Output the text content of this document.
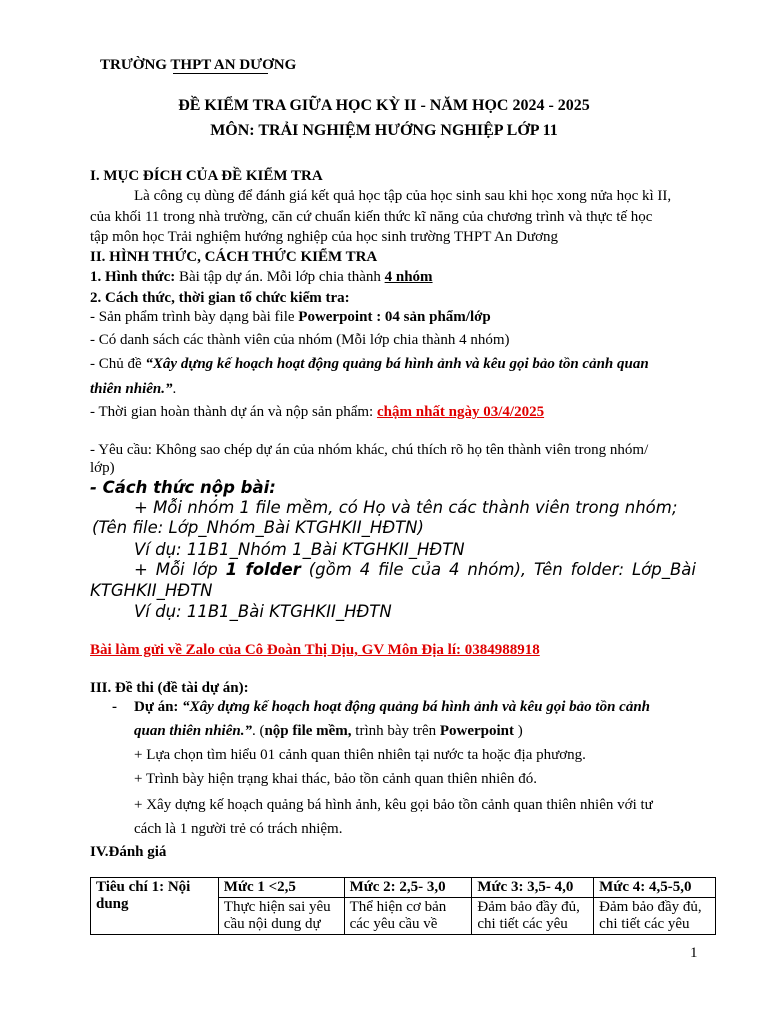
TRƯỜNG THPT AN DƯƠNG
ĐỀ KIỂM TRA GIỮA HỌC KỲ II - NĂM HỌC 2024 - 2025
MÔN: TRẢI NGHIỆM HƯỚNG NGHIỆP LỚP 11
I. MỤC ĐÍCH CỦA ĐỀ KIỂM TRA
Là công cụ dùng để đánh giá kết quả học tập của học sinh sau khi học xong nửa học kì II,
của khối 11 trong nhà trường, căn cứ chuẩn kiến thức kĩ năng của chương trình và thực tế học
tập môn học Trải nghiệm hướng nghiệp của học sinh trường THPT An Dương
II. HÌNH THỨC, CÁCH THỨC KIỂM TRA
1. Hình thức: Bài tập dự án. Mỗi lớp chia thành 4 nhóm
2. Cách thức, thời gian tổ chức kiểm tra:
- Sản phẩm trình bày dạng bài file Powerpoint : 04 sản phẩm/lớp
- Có danh sách các thành viên của nhóm (Mỗi lớp chia thành 4 nhóm)
- Chủ đề “Xây dựng kế hoạch hoạt động quảng bá hình ảnh và kêu gọi bảo tồn cảnh quan
thiên nhiên.”.
- Thời gian hoàn thành dự án và nộp sản phẩm: chậm nhất ngày 03/4/2025
- Yêu cầu: Không sao chép dự án của nhóm khác, chú thích rõ họ tên thành viên trong nhóm/
lớp)
- Cách thức nộp bài:
+ Mỗi nhóm 1 file mềm, có Họ và tên các thành viên trong nhóm;
(Tên file: Lớp_Nhóm_Bài KTGHKII_HĐTN)
Ví dụ: 11B1_Nhóm 1_Bài KTGHKII_HĐTN
+ Mỗi lớp 1 folder (gồm 4 file của 4 nhóm), Tên folder: Lớp_Bài
KTGHKII_HĐTN
Ví dụ: 11B1_Bài KTGHKII_HĐTN
Bài làm gửi về Zalo của Cô Đoàn Thị Dịu, GV Môn Địa lí: 0384988918
III. Đề thi (đề tài dự án):
- Dự án: “Xây dựng kế hoạch hoạt động quảng bá hình ảnh và kêu gọi bảo tồn cảnh
quan thiên nhiên.”. (nộp file mềm, trình bày trên Powerpoint )
+ Lựa chọn tìm hiểu 01 cảnh quan thiên nhiên tại nước ta hoặc địa phương.
+ Trình bày hiện trạng khai thác, bảo tồn cảnh quan thiên nhiên đó.
+ Xây dựng kế hoạch quảng bá hình ảnh, kêu gọi bảo tồn cảnh quan thiên nhiên với tư
cách là 1 người trẻ có trách nhiệm.
IV.Đánh giá
Tiêu chí 1: Nội dung	Mức 1 <2,5	Mức 2: 2,5- 3,0	Mức 3: 3,5- 4,0	Mức 4: 4,5-5,0
	Thực hiện sai yêu cầu nội dung dự	Thể hiện cơ bản các yêu cầu về	Đảm bảo đầy đủ, chi tiết các yêu	Đảm bảo đầy đủ, chi tiết các yêu
1
